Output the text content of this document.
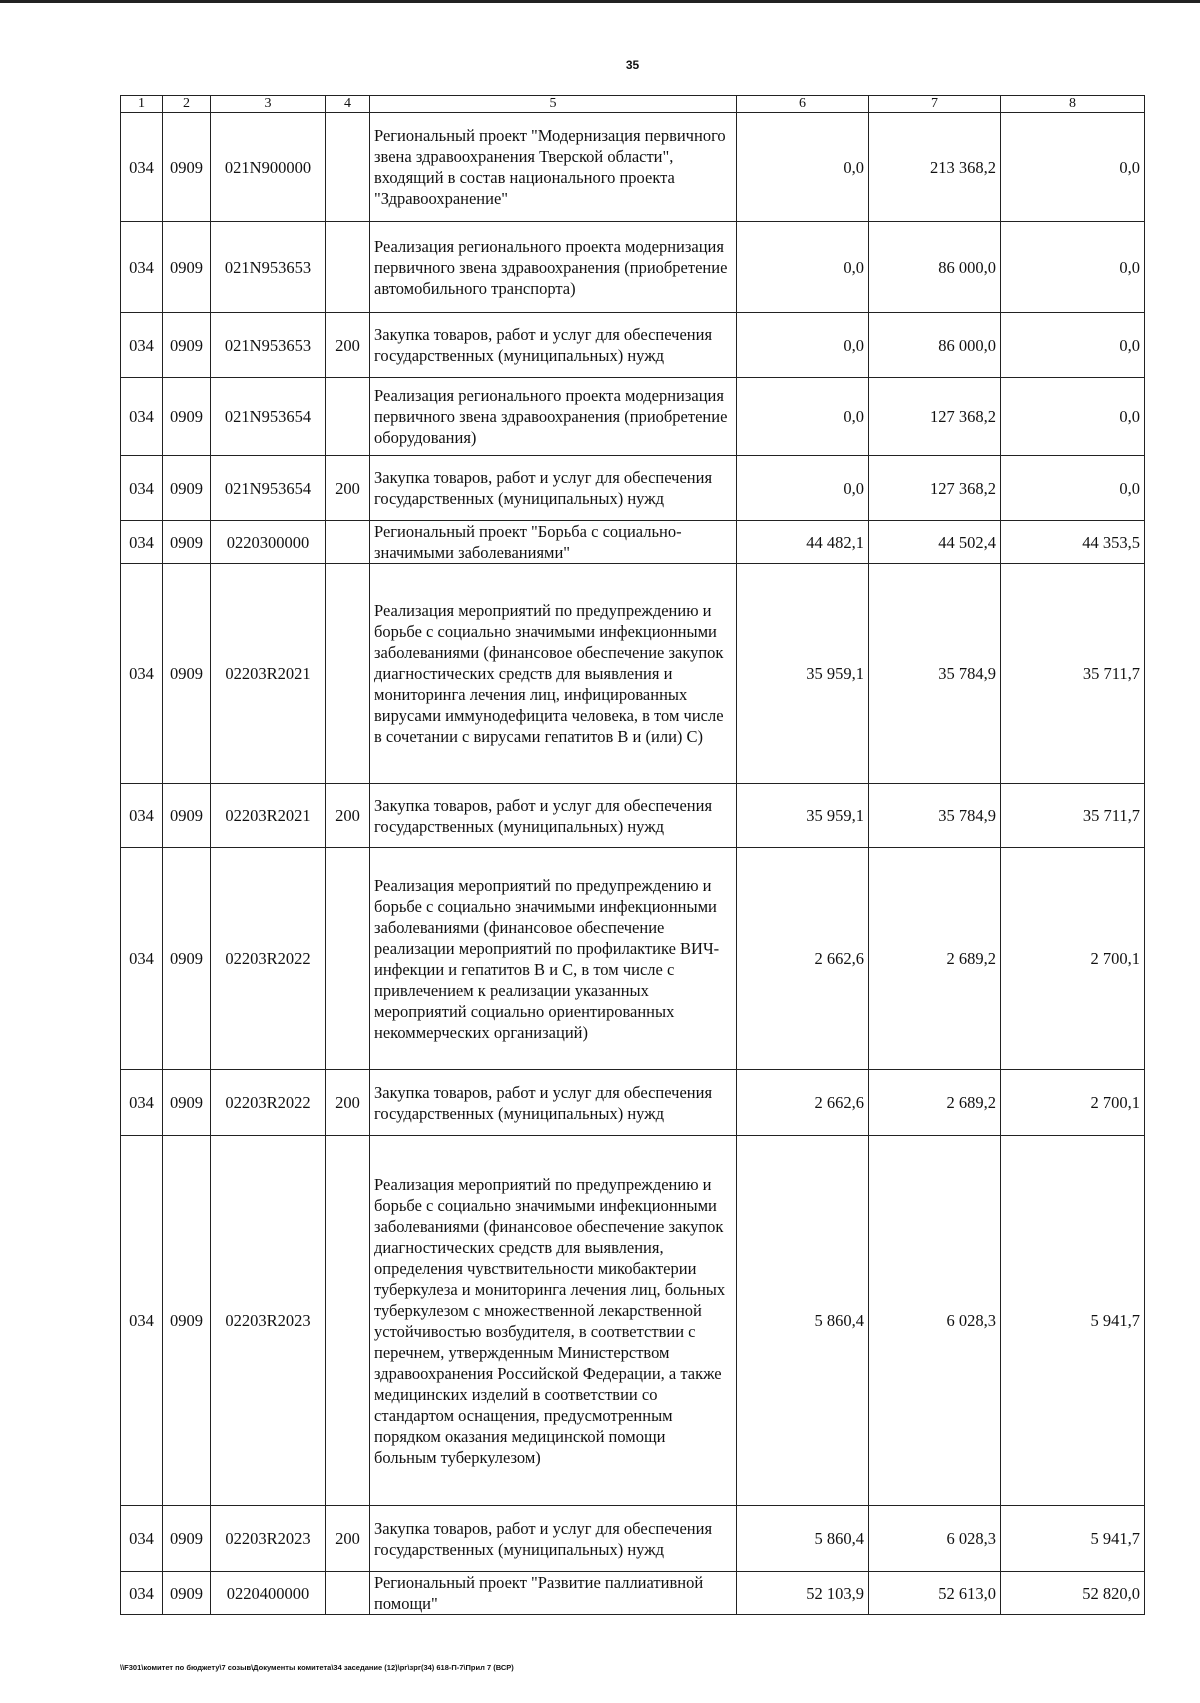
35
1	2	3	4	5	6	7	8
034	0909	021N900000		Региональный проект "Модернизация первичного звена здравоохранения Тверской области", входящий в состав национального проекта "Здравоохранение"	0,0	213 368,2	0,0
034	0909	021N953653		Реализация регионального проекта модернизация первичного звена здравоохранения (приобретение автомобильного транспорта)	0,0	86 000,0	0,0
034	0909	021N953653	200	Закупка товаров, работ и услуг для обеспечения государственных (муниципальных) нужд	0,0	86 000,0	0,0
034	0909	021N953654		Реализация регионального проекта модернизация первичного звена здравоохранения (приобретение оборудования)	0,0	127 368,2	0,0
034	0909	021N953654	200	Закупка товаров, работ и услуг для обеспечения государственных (муниципальных) нужд	0,0	127 368,2	0,0
034	0909	0220300000		Региональный проект "Борьба с социально-значимыми заболеваниями"	44 482,1	44 502,4	44 353,5
034	0909	02203R2021		Реализация мероприятий по предупреждению и борьбе с социально значимыми инфекционными заболеваниями (финансовое обеспечение закупок диагностических средств для выявления и мониторинга лечения лиц, инфицированных вирусами иммунодефицита человека, в том числе в сочетании с вирусами гепатитов B и (или) C)	35 959,1	35 784,9	35 711,7
034	0909	02203R2021	200	Закупка товаров, работ и услуг для обеспечения государственных (муниципальных) нужд	35 959,1	35 784,9	35 711,7
034	0909	02203R2022		Реализация мероприятий по предупреждению и борьбе с социально значимыми инфекционными заболеваниями (финансовое обеспечение реализации мероприятий по профилактике ВИЧ-инфекции и гепатитов B и C, в том числе с привлечением к реализации указанных мероприятий социально ориентированных некоммерческих организаций)	2 662,6	2 689,2	2 700,1
034	0909	02203R2022	200	Закупка товаров, работ и услуг для обеспечения государственных (муниципальных) нужд	2 662,6	2 689,2	2 700,1
034	0909	02203R2023		Реализация мероприятий по предупреждению и борьбе с социально значимыми инфекционными заболеваниями (финансовое обеспечение закупок диагностических средств для выявления, определения чувствительности микобактерии туберкулеза и мониторинга лечения лиц, больных туберкулезом с множественной лекарственной устойчивостью возбудителя, в соответствии с перечнем, утвержденным Министерством здравоохранения Российской Федерации, а также медицинских изделий в соответствии со стандартом оснащения, предусмотренным порядком оказания медицинской помощи больным туберкулезом)	5 860,4	6 028,3	5 941,7
034	0909	02203R2023	200	Закупка товаров, работ и услуг для обеспечения государственных (муниципальных) нужд	5 860,4	6 028,3	5 941,7
034	0909	0220400000		Региональный проект "Развитие паллиативной помощи"	52 103,9	52 613,0	52 820,0
\\F301\комитет по бюджету\7 созыв\Документы комитета\34 заседание (12)\рг\зрг(34) 618-П-7\Прил 7 (ВСР)
